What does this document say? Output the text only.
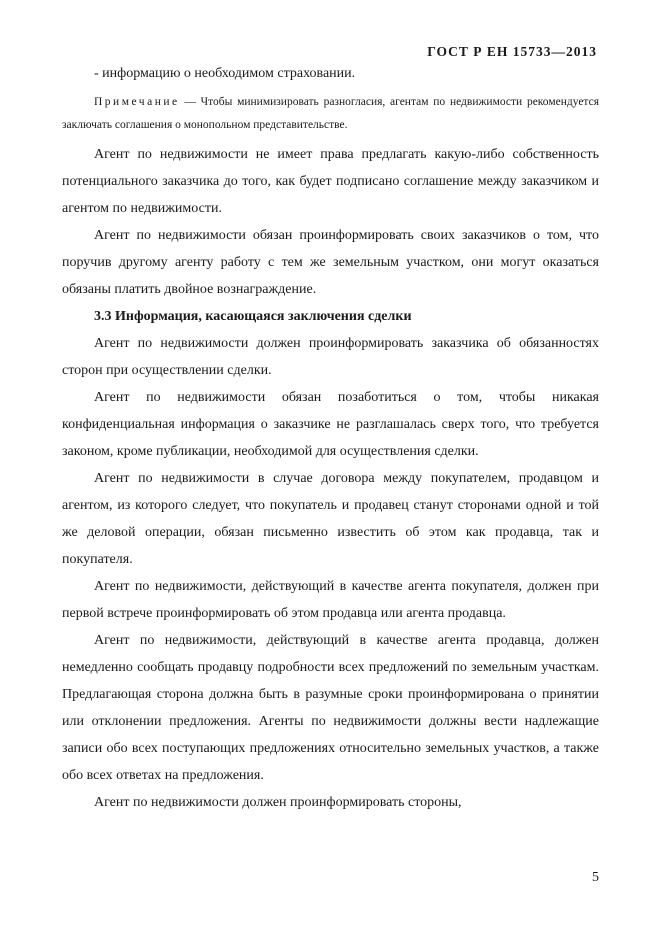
ГОСТ Р ЕН 15733—2013

- информацию о необходимом страховании.

Примечание — Чтобы минимизировать разногласия, агентам по недвижимости рекомендуется заключать соглашения о монопольном представительстве.

Агент по недвижимости не имеет права предлагать какую-либо собственность потенциального заказчика до того, как будет подписано соглашение между заказчиком и агентом по недвижимости.

Агент по недвижимости обязан проинформировать своих заказчиков о том, что поручив другому агенту работу с тем же земельным участком, они могут оказаться обязаны платить двойное вознаграждение.

3.3 Информация, касающаяся заключения сделки

Агент по недвижимости должен проинформировать заказчика об обязанностях сторон при осуществлении сделки.

Агент по недвижимости обязан позаботиться о том, чтобы никакая конфиденциальная информация о заказчике не разглашалась сверх того, что требуется законом, кроме публикации, необходимой для осуществления сделки.

Агент по недвижимости в случае договора между покупателем, продавцом и агентом, из которого следует, что покупатель и продавец станут сторонами одной и той же деловой операции, обязан письменно известить об этом как продавца, так и покупателя.

Агент по недвижимости, действующий в качестве агента покупателя, должен при первой встрече проинформировать об этом продавца или агента продавца.

Агент по недвижимости, действующий в качестве агента продавца, должен немедленно сообщать продавцу подробности всех предложений по земельным участкам. Предлагающая сторона должна быть в разумные сроки проинформирована о принятии или отклонении предложения. Агенты по недвижимости должны вести надлежащие записи обо всех поступающих предложениях относительно земельных участков, а также обо всех ответах на предложения.

Агент по недвижимости должен проинформировать стороны,

5
